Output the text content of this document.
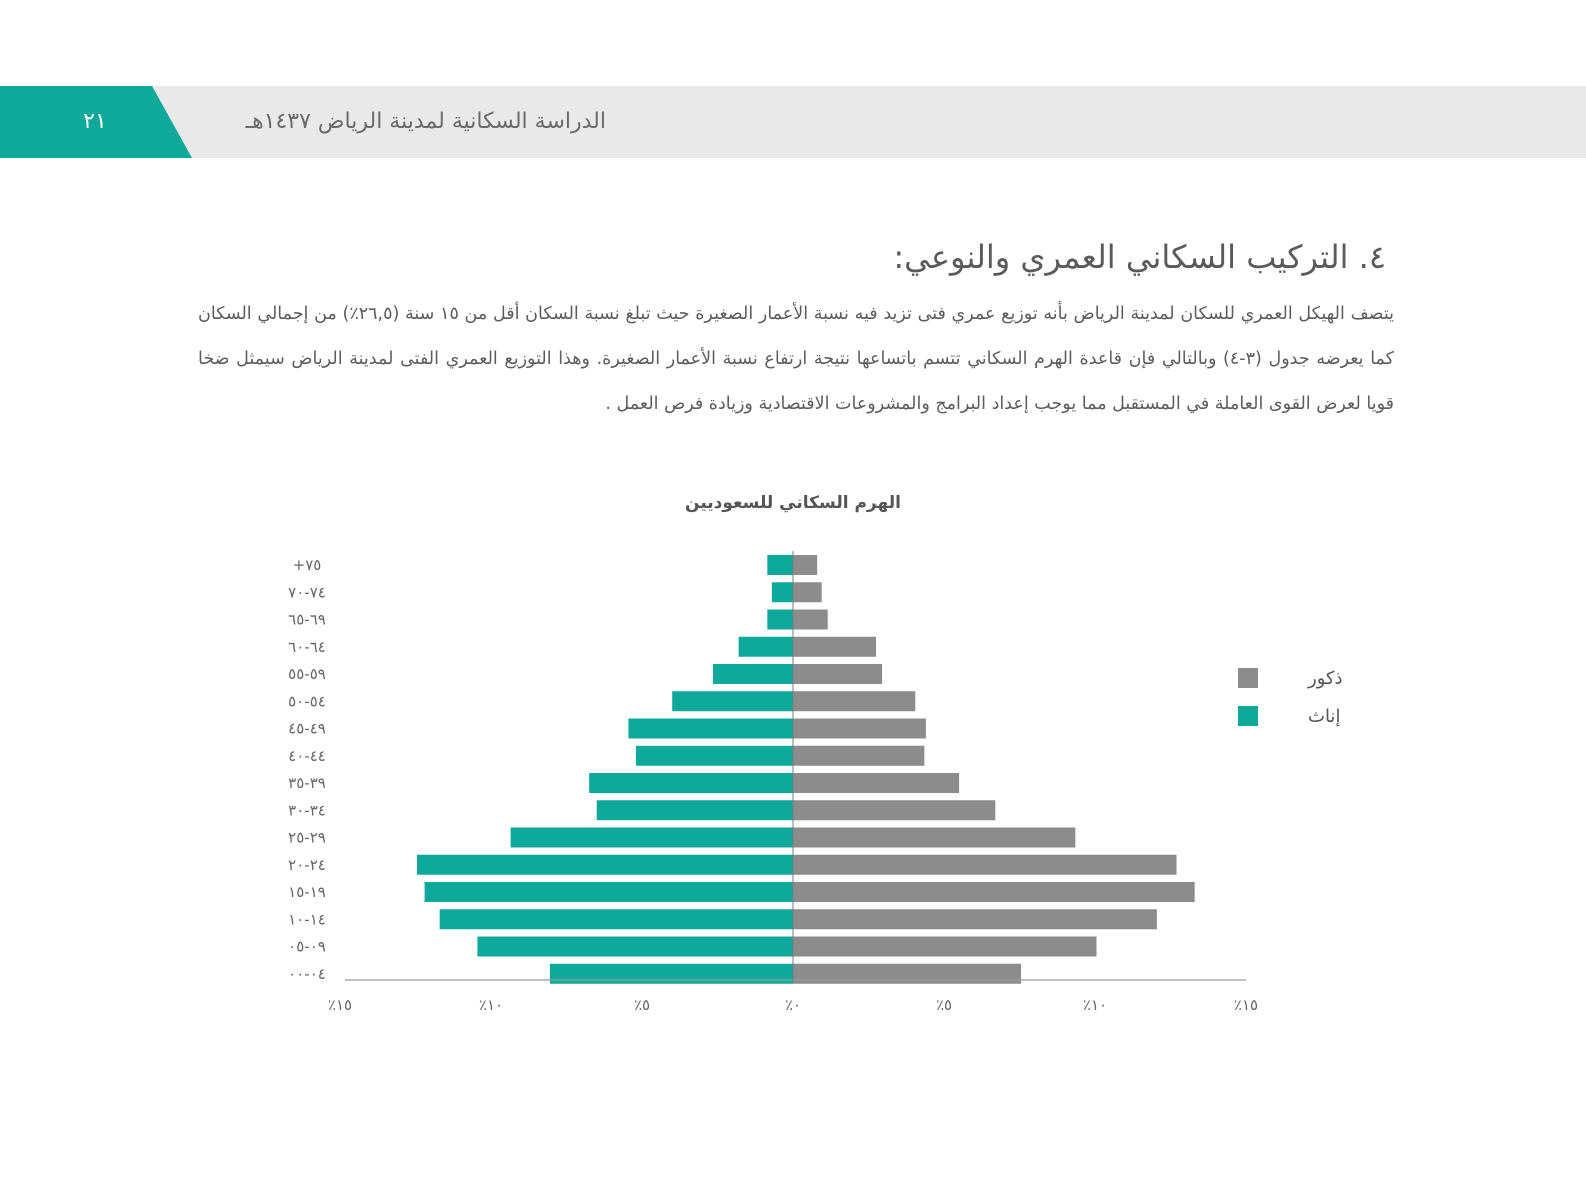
٢١	الدراسة السكانية لمدينة الرياض ١٤٣٧هـ
٤. التركيب السكاني العمري والنوعي:

يتصف الهيكل العمري للسكان لمدينة الرياض بأنه توزيع عمري فتى تزيد فيه نسبة الأعمار الصغيرة حيث تبلغ نسبة السكان أقل من ١٥ سنة (٢٦,٥٪) من إجمالي السكان كما يعرضه جدول (٣-٤) وبالتالي فإن قاعدة الهرم السكاني تتسم باتساعها نتيجة ارتفاع نسبة الأعمار الصغيرة. وهذا التوزيع العمري الفتى لمدينة الرياض سيمثل ضخا قويا لعرض القوى العاملة في المستقبل مما يوجب إعداد البرامج والمشروعات الاقتصادية وزيادة فرص العمل .

الهرم السكاني للسعوديين
+٧٥
٧٤-٧٠
٦٩-٦٥
٦٤-٦٠
٥٩-٥٥
٥٤-٥٠
٤٩-٤٥
٤٤-٤٠
٣٩-٣٥
٣٤-٣٠
٢٩-٢٥
٢٤-٢٠
١٩-١٥
١٤-١٠
٠٩-٠٥
٠٤-٠٠
٪١٥	٪١٠	٪٥	٪٠	٪٥	٪١٠	٪١٥
ذكور
إناث
